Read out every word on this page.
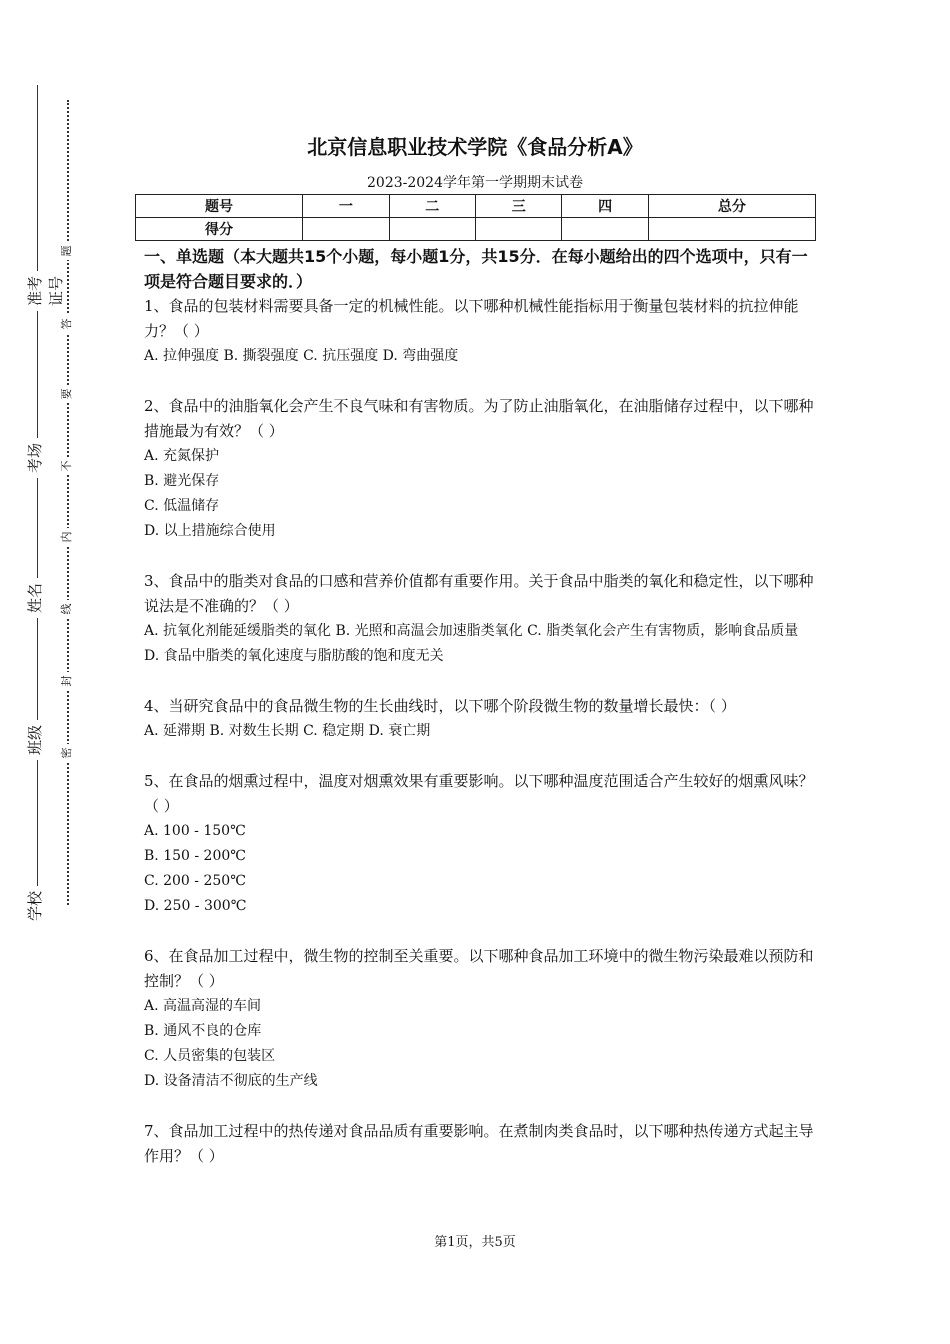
准考证号
考场
姓名
班级
学校
题
答
要
不
内
线
封
密
北京信息职业技术学院《食品分析A》
2023-2024学年第一学期期末试卷
题号	一	二	三	四	总分
得分					
一、单选题（本大题共15个小题，每小题1分，共15分．在每小题给出的四个选项中，只有一项是符合题目要求的．）
1、食品的包装材料需要具备一定的机械性能。以下哪种机械性能指标用于衡量包装材料的抗拉伸能力？（ ）
A. 拉伸强度 B. 撕裂强度 C. 抗压强度 D. 弯曲强度
2、食品中的油脂氧化会产生不良气味和有害物质。为了防止油脂氧化，在油脂储存过程中，以下哪种措施最为有效？（ ）
A. 充氮保护
B. 避光保存
C. 低温储存
D. 以上措施综合使用
3、食品中的脂类对食品的口感和营养价值都有重要作用。关于食品中脂类的氧化和稳定性，以下哪种说法是不准确的？（ ）
A. 抗氧化剂能延缓脂类的氧化 B. 光照和高温会加速脂类氧化 C. 脂类氧化会产生有害物质，影响食品质量 D. 食品中脂类的氧化速度与脂肪酸的饱和度无关
4、当研究食品中的食品微生物的生长曲线时，以下哪个阶段微生物的数量增长最快：（ ）
A. 延滞期 B. 对数生长期 C. 稳定期 D. 衰亡期
5、在食品的烟熏过程中，温度对烟熏效果有重要影响。以下哪种温度范围适合产生较好的烟熏风味？（ ）
A. 100 - 150℃
B. 150 - 200℃
C. 200 - 250℃
D. 250 - 300℃
6、在食品加工过程中，微生物的控制至关重要。以下哪种食品加工环境中的微生物污染最难以预防和控制？（ ）
A. 高温高湿的车间
B. 通风不良的仓库
C. 人员密集的包装区
D. 设备清洁不彻底的生产线
7、食品加工过程中的热传递对食品品质有重要影响。在煮制肉类食品时，以下哪种热传递方式起主导作用？（ ）
第1页，共5页
